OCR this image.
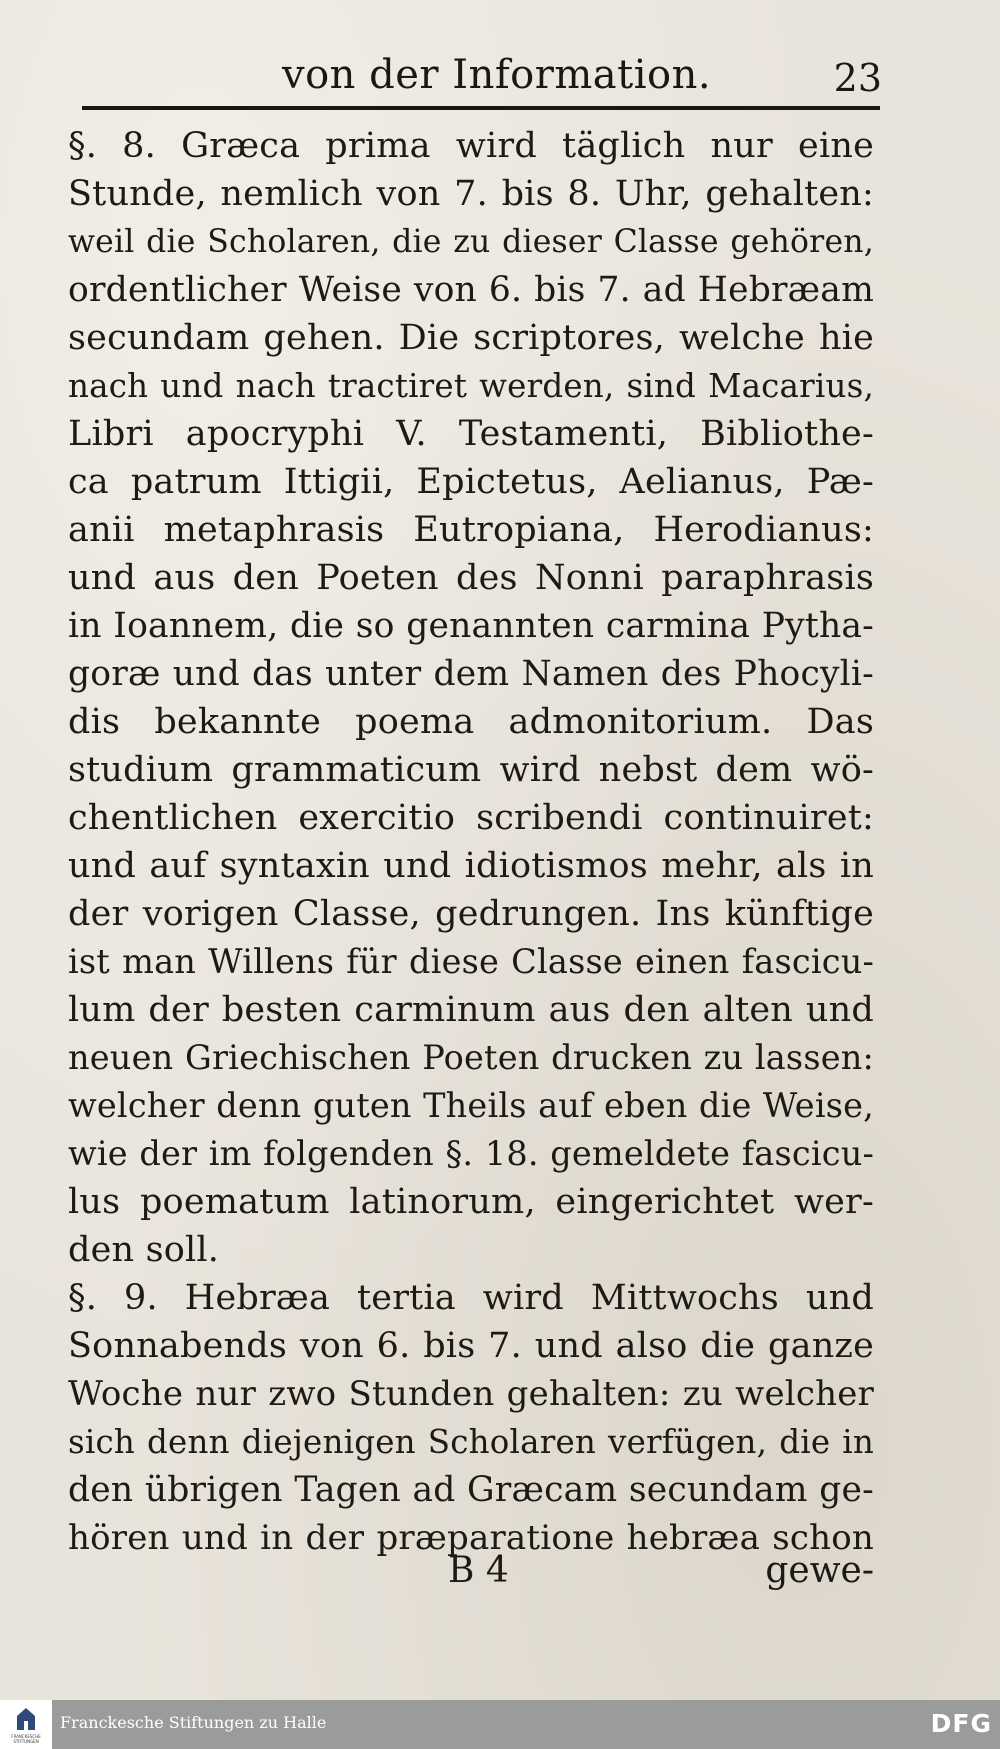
von der Information.	23
§. 8. Græca prima wird täglich nur eine
Stunde, nemlich von 7. bis 8. Uhr, gehalten:
weil die Scholaren, die zu dieser Classe gehören,
ordentlicher Weise von 6. bis 7. ad Hebræam
secundam gehen. Die scriptores, welche hie
nach und nach tractiret werden, sind Macarius,
Libri apocryphi V. Testamenti, Bibliothe-
ca patrum Ittigii, Epictetus, Aelianus, Pæ-
anii metaphrasis Eutropiana, Herodianus:
und aus den Poeten des Nonni paraphrasis
in Ioannem, die so genannten carmina Pytha-
goræ und das unter dem Namen des Phocyli-
dis bekannte poema admonitorium. Das
studium grammaticum wird nebst dem wö-
chentlichen exercitio scribendi continuiret:
und auf syntaxin und idiotismos mehr, als in
der vorigen Classe, gedrungen. Ins künftige
ist man Willens für diese Classe einen fascicu-
lum der besten carminum aus den alten und
neuen Griechischen Poeten drucken zu lassen:
welcher denn guten Theils auf eben die Weise,
wie der im folgenden §. 18. gemeldete fascicu-
lus poematum latinorum, eingerichtet wer-
den soll.
§. 9. Hebræa tertia wird Mittwochs und
Sonnabends von 6. bis 7. und also die ganze
Woche nur zwo Stunden gehalten: zu welcher
sich denn diejenigen Scholaren verfügen, die in
den übrigen Tagen ad Græcam secundam ge-
hören und in der præparatione hebræa schon
B 4	gewe-
FRANCKESCHE STIFTUNGEN
Franckesche Stiftungen zu Halle	DFG
